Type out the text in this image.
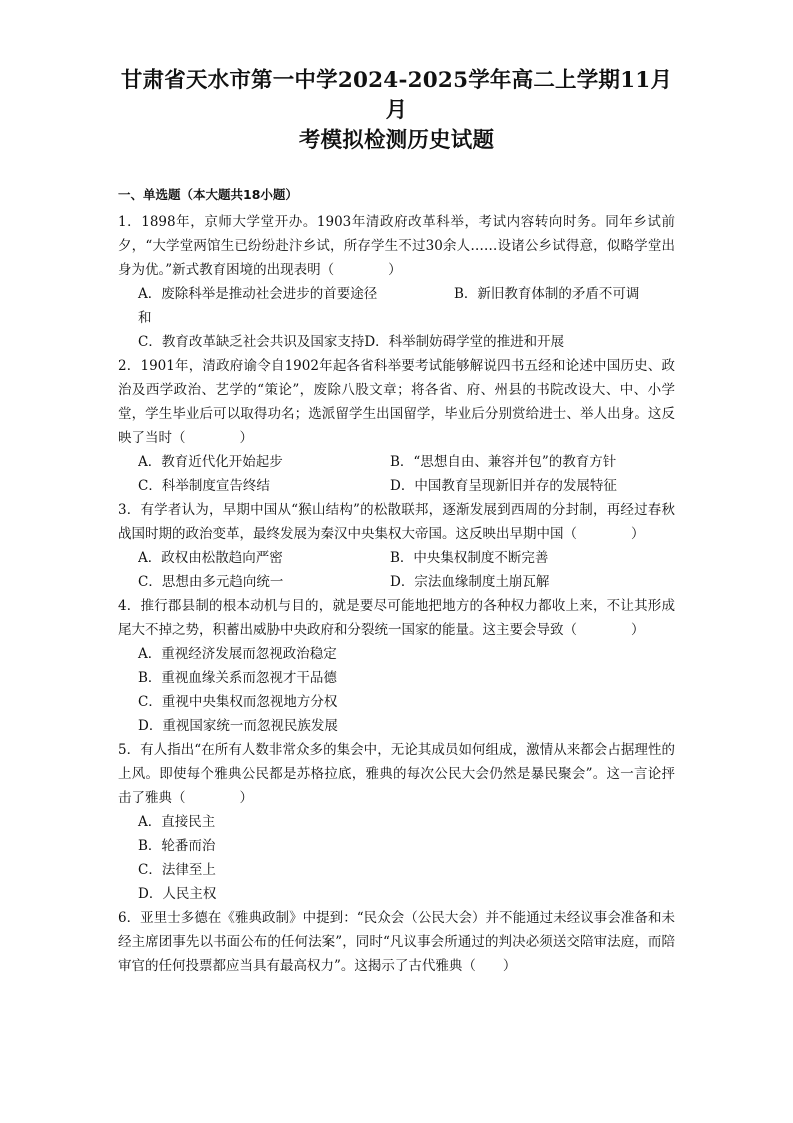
甘肃省天水市第一中学2024-2025学年高二上学期11月月
考模拟检测历史试题
一、单选题（本大题共18小题）

1．1898年，京师大学堂开办。1903年清政府改革科举，考试内容转向时务。同年乡试前夕，“大学堂两馆生已纷纷赴汴乡试，所存学生不过30余人……设诸公乡试得意，似略学堂出身为优。”新式教育困境的出现表明（　　　　）

A．废除科举是推动社会进步的首要途径	B．新旧教育体制的矛盾不可调
和
C．教育改革缺乏社会共识及国家支持D．科举制妨碍学堂的推进和开展

2．1901年，清政府谕令自1902年起各省科举要考试能够解说四书五经和论述中国历史、政治及西学政治、艺学的“策论”，废除八股文章；将各省、府、州县的书院改设大、中、小学堂，学生毕业后可以取得功名；选派留学生出国留学，毕业后分别赏给进士、举人出身。这反映了当时（　　　　）

A．教育近代化开始起步	B．“思想自由、兼容并包”的教育方针
C．科举制度宣告终结	D．中国教育呈现新旧并存的发展特征

3．有学者认为，早期中国从“猴山结构”的松散联邦，逐渐发展到西周的分封制，再经过春秋战国时期的政治变革，最终发展为秦汉中央集权大帝国。这反映出早期中国（　　　　）

A．政权由松散趋向严密	B．中央集权制度不断完善
C．思想由多元趋向统一	D．宗法血缘制度土崩瓦解

4．推行郡县制的根本动机与目的，就是要尽可能地把地方的各种权力都收上来，不让其形成尾大不掉之势，积蓄出威胁中央政府和分裂统一国家的能量。这主要会导致（　　　　）

A．重视经济发展而忽视政治稳定
B．重视血缘关系而忽视才干品德
C．重视中央集权而忽视地方分权
D．重视国家统一而忽视民族发展

5．有人指出“在所有人数非常众多的集会中，无论其成员如何组成，激情从来都会占据理性的上风。即使每个雅典公民都是苏格拉底，雅典的每次公民大会仍然是暴民聚会”。这一言论抨击了雅典（　　　　）

A．直接民主
B．轮番而治
C．法律至上
D．人民主权

6．亚里士多德在《雅典政制》中提到：“民众会（公民大会）并不能通过未经议事会准备和未经主席团事先以书面公布的任何法案”，同时“凡议事会所通过的判决必须送交陪审法庭，而陪审官的任何投票都应当具有最高权力”。这揭示了古代雅典（　　）
